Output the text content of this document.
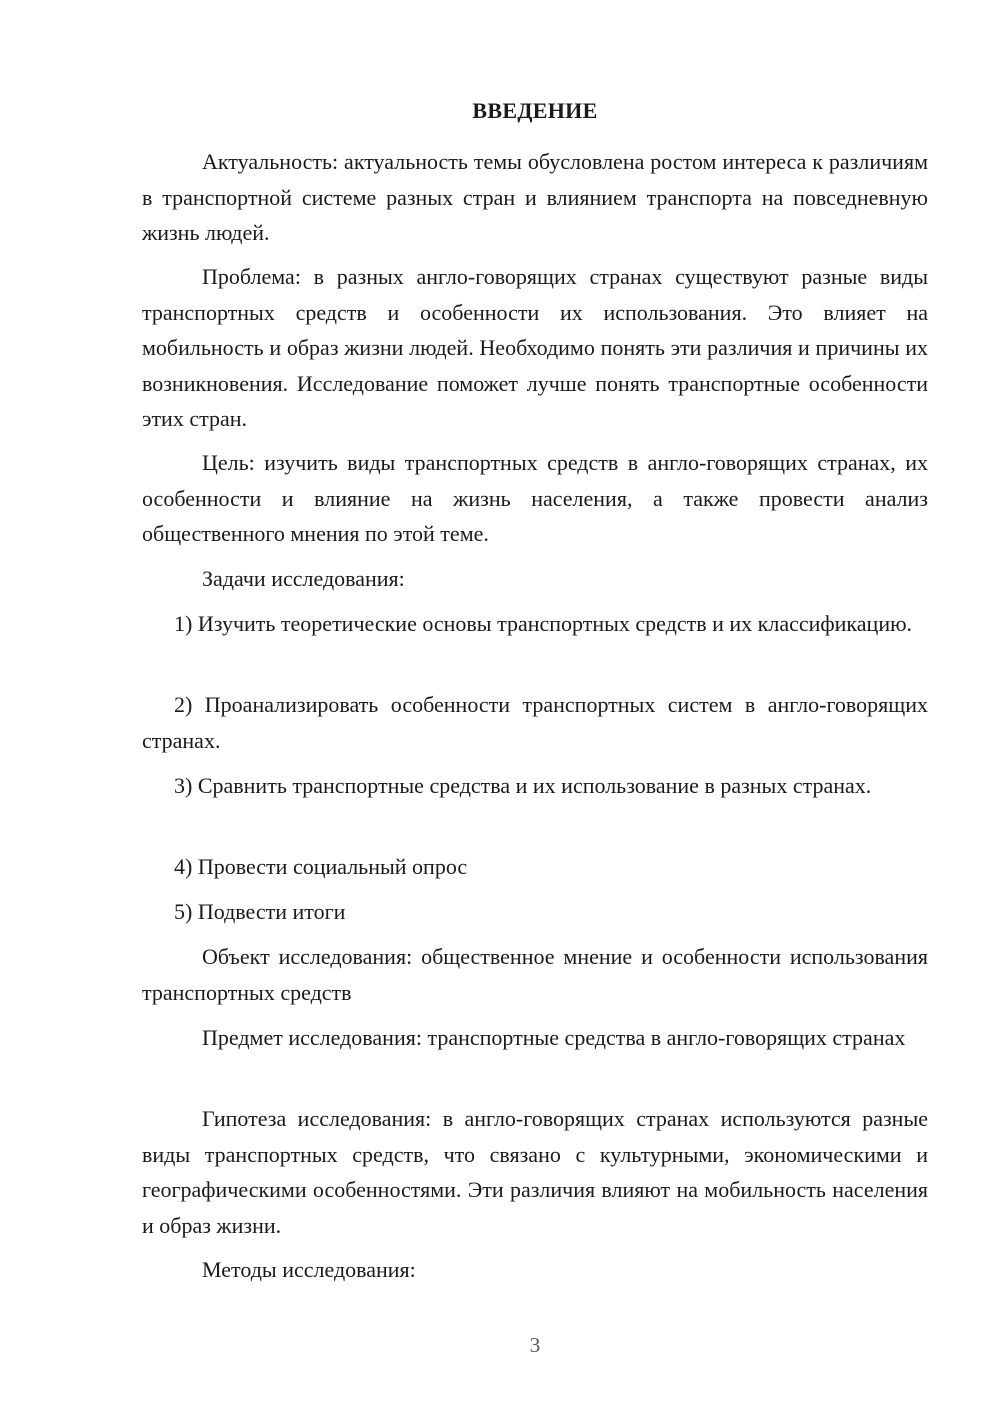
ВВЕДЕНИЕ

Актуальность: актуальность темы обусловлена ростом интереса к различиям в транспортной системе разных стран и влиянием транспорта на повседневную жизнь людей.

Проблема: в разных англо-говорящих странах существуют разные виды транспортных средств и особенности их использования. Это влияет на мобильность и образ жизни людей. Необходимо понять эти различия и причины их возникновения. Исследование поможет лучше понять транспортные особенности этих стран.

Цель: изучить виды транспортных средств в англо-говорящих странах, их особенности и влияние на жизнь населения, а также провести анализ общественного мнения по этой теме.

Задачи исследования:

1) Изучить теоретические основы транспортных средств и их классификацию.

2) Проанализировать особенности транспортных систем в англо-говорящих странах.

3) Сравнить транспортные средства и их использование в разных странах.

4) Провести социальный опрос

5) Подвести итоги

Объект исследования: общественное мнение и особенности использования транспортных средств

Предмет исследования: транспортные средства в англо-говорящих странах

Гипотеза исследования: в англо-говорящих странах используются разные виды транспортных средств, что связано с культурными, экономическими и географическими особенностями. Эти различия влияют на мобильность населения и образ жизни.

Методы исследования:

3
